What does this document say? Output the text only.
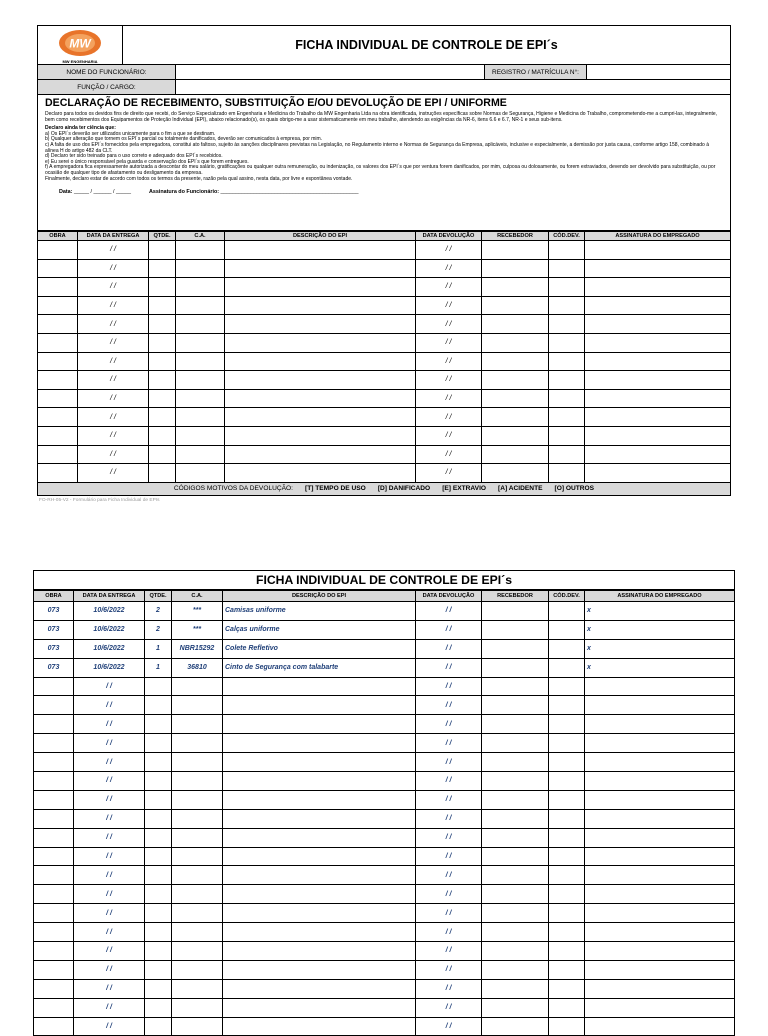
MW
MW ENGENHARIA
FICHA INDIVIDUAL DE CONTROLE DE EPI´s
NOME DO FUNCIONÁRIO:	REGISTRO / MATRÍCULA N°:
FUNÇÃO / CARGO:
DECLARAÇÃO DE RECEBIMENTO, SUBSTITUIÇÃO E/OU DEVOLUÇÃO DE EPI / UNIFORME

Declaro para todos os devidos fins de direito que recebi, do Serviço Especializado em Engenharia e Medicina do Trabalho da MW Engenharia Ltda na obra identificada, instruções específicas sobre Normas de Segurança, Higiene e Medicina do Trabalho, comprometendo-me a cumpri-las, integralmente, bem como recebimentos dos Equipamentos de Proteção Individual (EPI), abaixo relacionado(s), os quais obrigo-me a usar sistematicamente em meu trabalho, atendendo as exigências da NR-6, itens 6.6 e 6.7, NR-1 e seus sub-itens.

Declaro ainda ter ciência que:

a) Os EPI´s deverão ser utilizados unicamente para o fim a que se destinam.

b) Qualquer alteração que tornem os EPI´s parcial ou totalmente danificados, deverão ser comunicados à empresa, por mim.

c) A falta de uso dos EPI´s fornecidos pela empregadora, constitui ato faltoso, sujeito às sanções disciplinares previstas na Legislação, no Regulamento interno e Normas de Segurança da Empresa, aplicáveis, inclusive e especialmente, a demissão por justa causa, conforme artigo 158, combinado à alínea H do artigo 482 da CLT.

d) Declaro ter sido treinado para o uso correto e adequado dos EPI´s recebidos.

e) Eu serei o único responsável pela guarda e conservação dos EPI´s que forem entregues.

f) A empregadora fica expressamente autorizada a descontar do meu salário, gratificações ou qualquer outra remuneração, ou indenização, os valores dos EPI´s que por ventura forem danificados, por mim, culposa ou dolosamente, ou forem extraviados, devendo ser devolvido para substituição, ou por ocasião de qualquer tipo de afastamento ou desligamento da empresa.

Finalmente, declaro estar de acordo com todos os termos da presente, razão pela qual assino, nesta data, por livre e espontânea vontade.

Data: _____ / ______ / _____	Assinatura do Funcionário: ______________________________________________
OBRA	DATA DA ENTREGA	QTDE.	C.A.	DESCRIÇÃO DO EPI	DATA DEVOLUÇÃO	RECEBEDOR	CÓD.DEV.	ASSINATURA DO EMPREGADO
	/ /				/ /			
	/ /				/ /			
	/ /				/ /			
	/ /				/ /			
	/ /				/ /			
	/ /				/ /			
	/ /				/ /			
	/ /				/ /			
	/ /				/ /			
	/ /				/ /			
	/ /				/ /			
	/ /				/ /			
	/ /				/ /			
CÓDIGOS MOTIVOS DA DEVOLUÇÃO: [T] TEMPO DE USO [D] DANIFICADO [E] EXTRAVIO [A] ACIDENTE [O] OUTROS
FO-RH-05-V2 - Formulário para Ficha Individual de EPIs
FICHA INDIVIDUAL DE CONTROLE DE EPI´s
OBRA	DATA DA ENTREGA	QTDE.	C.A.	DESCRIÇÃO DO EPI	DATA DEVOLUÇÃO	RECEBEDOR	CÓD.DEV.	ASSINATURA DO EMPREGADO
073	10/6/2022	2	***	Camisas uniforme	/ /			x
073	10/6/2022	2	***	Calças uniforme	/ /			x
073	10/6/2022	1	NBR15292	Colete Refletivo	/ /			x
073	10/6/2022	1	36810	Cinto de Segurança com talabarte	/ /			x
	/ /				/ /			
	/ /				/ /			
	/ /				/ /			
	/ /				/ /			
	/ /				/ /			
	/ /				/ /			
	/ /				/ /			
	/ /				/ /			
	/ /				/ /			
	/ /				/ /			
	/ /				/ /			
	/ /				/ /			
	/ /				/ /			
	/ /				/ /			
	/ /				/ /			
	/ /				/ /			
	/ /				/ /			
	/ /				/ /			
	/ /				/ /			
